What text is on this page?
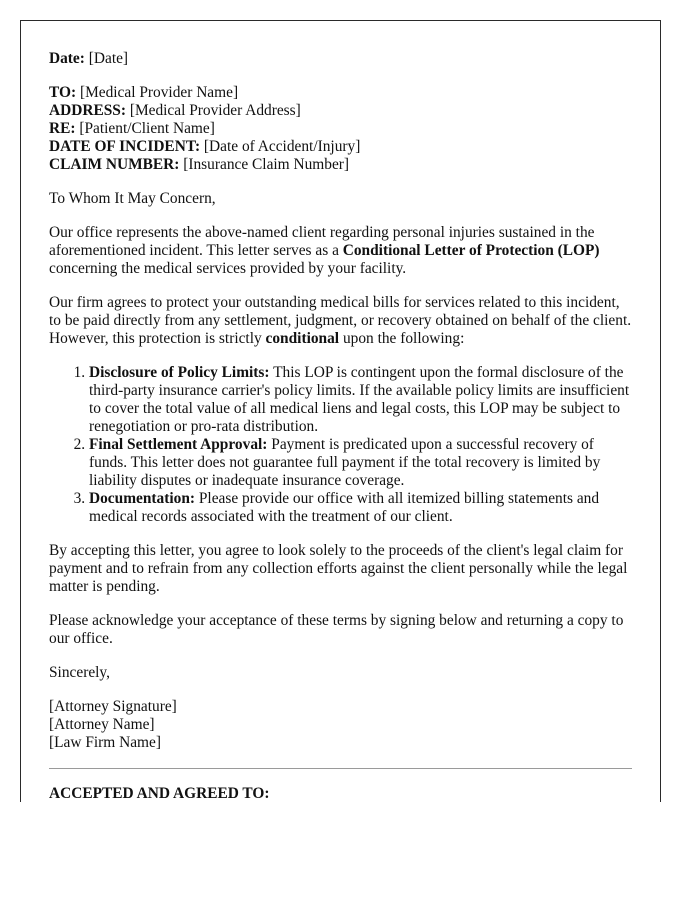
Date: [Date]

TO: [Medical Provider Name]
ADDRESS: [Medical Provider Address]
RE: [Patient/Client Name]
DATE OF INCIDENT: [Date of Accident/Injury]
CLAIM NUMBER: [Insurance Claim Number]

To Whom It May Concern,

Our office represents the above-named client regarding personal injuries sustained in the aforementioned incident. This letter serves as a Conditional Letter of Protection (LOP) concerning the medical services provided by your facility.

Our firm agrees to protect your outstanding medical bills for services related to this incident, to be paid directly from any settlement, judgment, or recovery obtained on behalf of the client. However, this protection is strictly conditional upon the following:

1. Disclosure of Policy Limits: This LOP is contingent upon the formal disclosure of the third-party insurance carrier's policy limits. If the available policy limits are insufficient to cover the total value of all medical liens and legal costs, this LOP may be subject to renegotiation or pro-rata distribution.
2. Final Settlement Approval: Payment is predicated upon a successful recovery of funds. This letter does not guarantee full payment if the total recovery is limited by liability disputes or inadequate insurance coverage.
3. Documentation: Please provide our office with all itemized billing statements and medical records associated with the treatment of our client.

By accepting this letter, you agree to look solely to the proceeds of the client's legal claim for payment and to refrain from any collection efforts against the client personally while the legal matter is pending.

Please acknowledge your acceptance of these terms by signing below and returning a copy to our office.

Sincerely,

[Attorney Signature]
[Attorney Name]
[Law Firm Name]

ACCEPTED AND AGREED TO:
